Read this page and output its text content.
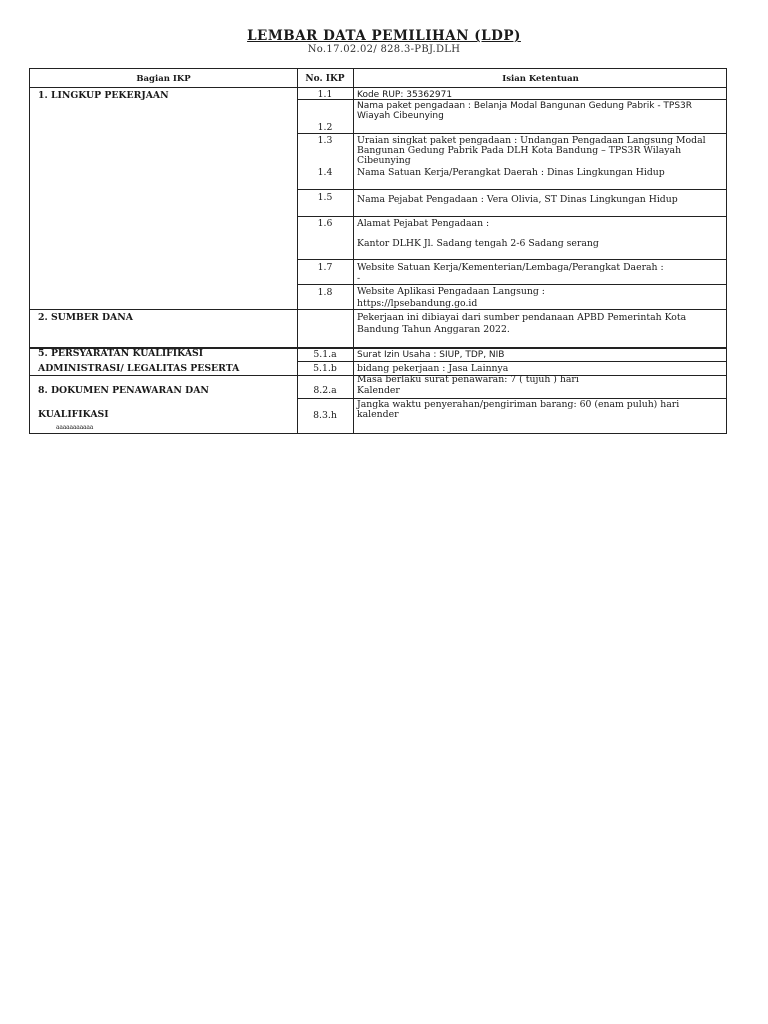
LEMBAR DATA PEMILIHAN (LDP)
No.17.02.02/ 828.3-PBJ.DLH
Bagian IKP	No. IKP	Isian Ketentuan
1. LINGKUP PEKERJAAN
2. SUMBER DANA
5. PERSYARATAN KUALIFIKASI
ADMINISTRASI/ LEGALITAS PESERTA
8. DOKUMEN PENAWARAN DAN
KUALIFIKASI
1.1
1.2
1.3
1.4
1.5
1.6
1.7
1.8
5.1.a
5.1.b
8.2.a
8.3.h
Kode RUP: 35362971
Nama paket pengadaan : Belanja Modal Bangunan Gedung Pabrik - TPS3R Wiayah Cibeunying
Uraian singkat paket pengadaan : Undangan Pengadaan Langsung Modal Bangunan Gedung Pabrik Pada DLH Kota Bandung – TPS3R Wilayah Cibeunying
Nama Satuan Kerja/Perangkat Daerah : Dinas Lingkungan Hidup
Nama Pejabat Pengadaan : Vera Olivia, ST Dinas Lingkungan Hidup
Alamat Pejabat Pengadaan :
Kantor DLHK Jl. Sadang tengah 2-6 Sadang serang
Website Satuan Kerja/Kementerian/Lembaga/Perangkat Daerah :
-
Website Aplikasi Pengadaan Langsung :
https://lpsebandung.go.id
Pekerjaan ini dibiayai dari sumber pendanaan APBD Pemerintah Kota Bandung Tahun Anggaran 2022.
Surat Izin Usaha : SIUP, TDP, NIB
bidang pekerjaan : Jasa Lainnya
Masa berlaku surat penawaran: 7 ( tujuh ) hari
Kalender
Jangka waktu penyerahan/pengiriman barang: 60 (enam puluh) hari kalender
aaaaaaaaaaa
